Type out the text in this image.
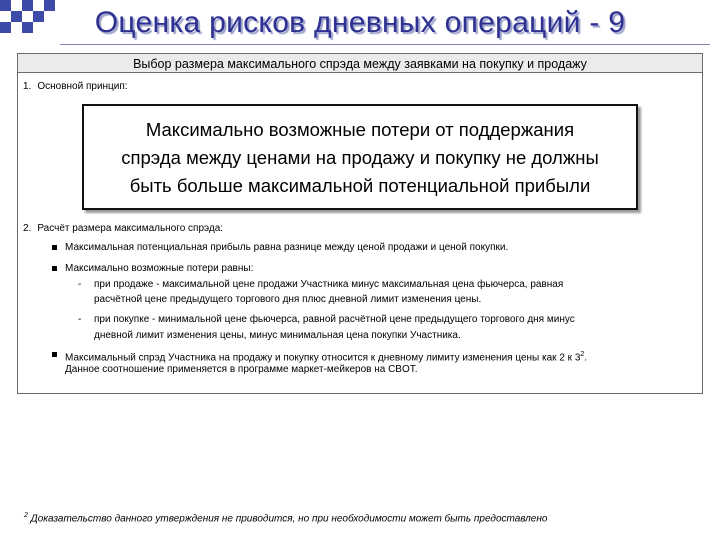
Оценка рисков дневных операций - 9
Выбор размера максимального спрэда между заявками на покупку и продажу
1. Основной принцип:
Максимально возможные потери от поддержания
спрэда между ценами на продажу и покупку не должны
быть больше максимальной потенциальной прибыли
2. Расчёт размера максимального спрэда:
Максимальная потенциальная прибыль равна разнице между ценой продажи и ценой покупки.
Максимально возможные потери равны:
- при продаже - максимальной цене продажи Участника минус максимальная цена фьючерса, равная
расчётной цене предыдущего торгового дня плюс дневной лимит изменения цены.
- при покупке - минимальной цене фьючерса, равной расчётной цене предыдущего торгового дня минус
дневной лимит изменения цены, минус минимальная цена покупки Участника.
Максимальный спрэд Участника на продажу и покупку относится к дневному лимиту изменения цены как 2 к $3^2$.
Данное соотношение применяется в программе маркет-мейкеров на CBOT.
$^2$ Доказательство данного утверждения не приводится, но при необходимости может быть предоставлено
